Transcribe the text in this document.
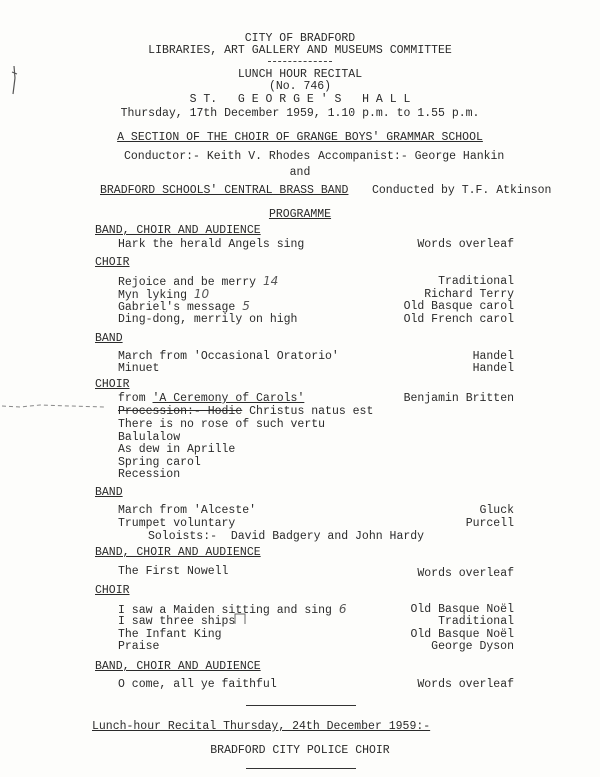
CITY OF BRADFORD
LIBRARIES, ART GALLERY AND MUSEUMS COMMITTEE
LUNCH HOUR RECITAL
(No. 746)
S T.   G E O R G E ' S   H A L L
Thursday, 17th December 1959, 1.10 p.m. to 1.55 p.m.
A SECTION OF THE CHOIR OF GRANGE BOYS' GRAMMAR SCHOOL
Conductor:- Keith V. Rhodes Accompanist:- George Hankin
and
BRADFORD SCHOOLS' CENTRAL BRASS BAND Conducted by T.F. Atkinson
PROGRAMME
BAND, CHOIR AND AUDIENCE
Hark the herald Angels sing	Words overleaf
CHOIR
Rejoice and be merry 14	Traditional
Myn lyking 10	Richard Terry
Gabriel's message 5	Old Basque carol
Ding-dong, merrily on high	Old French carol
BAND
March from 'Occasional Oratorio'	Handel
Minuet	Handel
CHOIR
from 'A Ceremony of Carols'	Benjamin Britten
Procession:- Hodie Christus natus est
There is no rose of such vertu
Balulalow
As dew in Aprille
Spring carol
Recession
BAND
March from 'Alceste'	Gluck
Trumpet voluntary	Purcell
Soloists:-  David Badgery and John Hardy
BAND, CHOIR AND AUDIENCE
The First Nowell	Words overleaf
CHOIR
I saw a Maiden sitting and sing 6	Old Basque Noël
I saw three ships	Traditional
The Infant King	Old Basque Noël
Praise	George Dyson
BAND, CHOIR AND AUDIENCE
O come, all ye faithful	Words overleaf
Lunch-hour Recital Thursday, 24th December 1959:-
BRADFORD CITY POLICE CHOIR
